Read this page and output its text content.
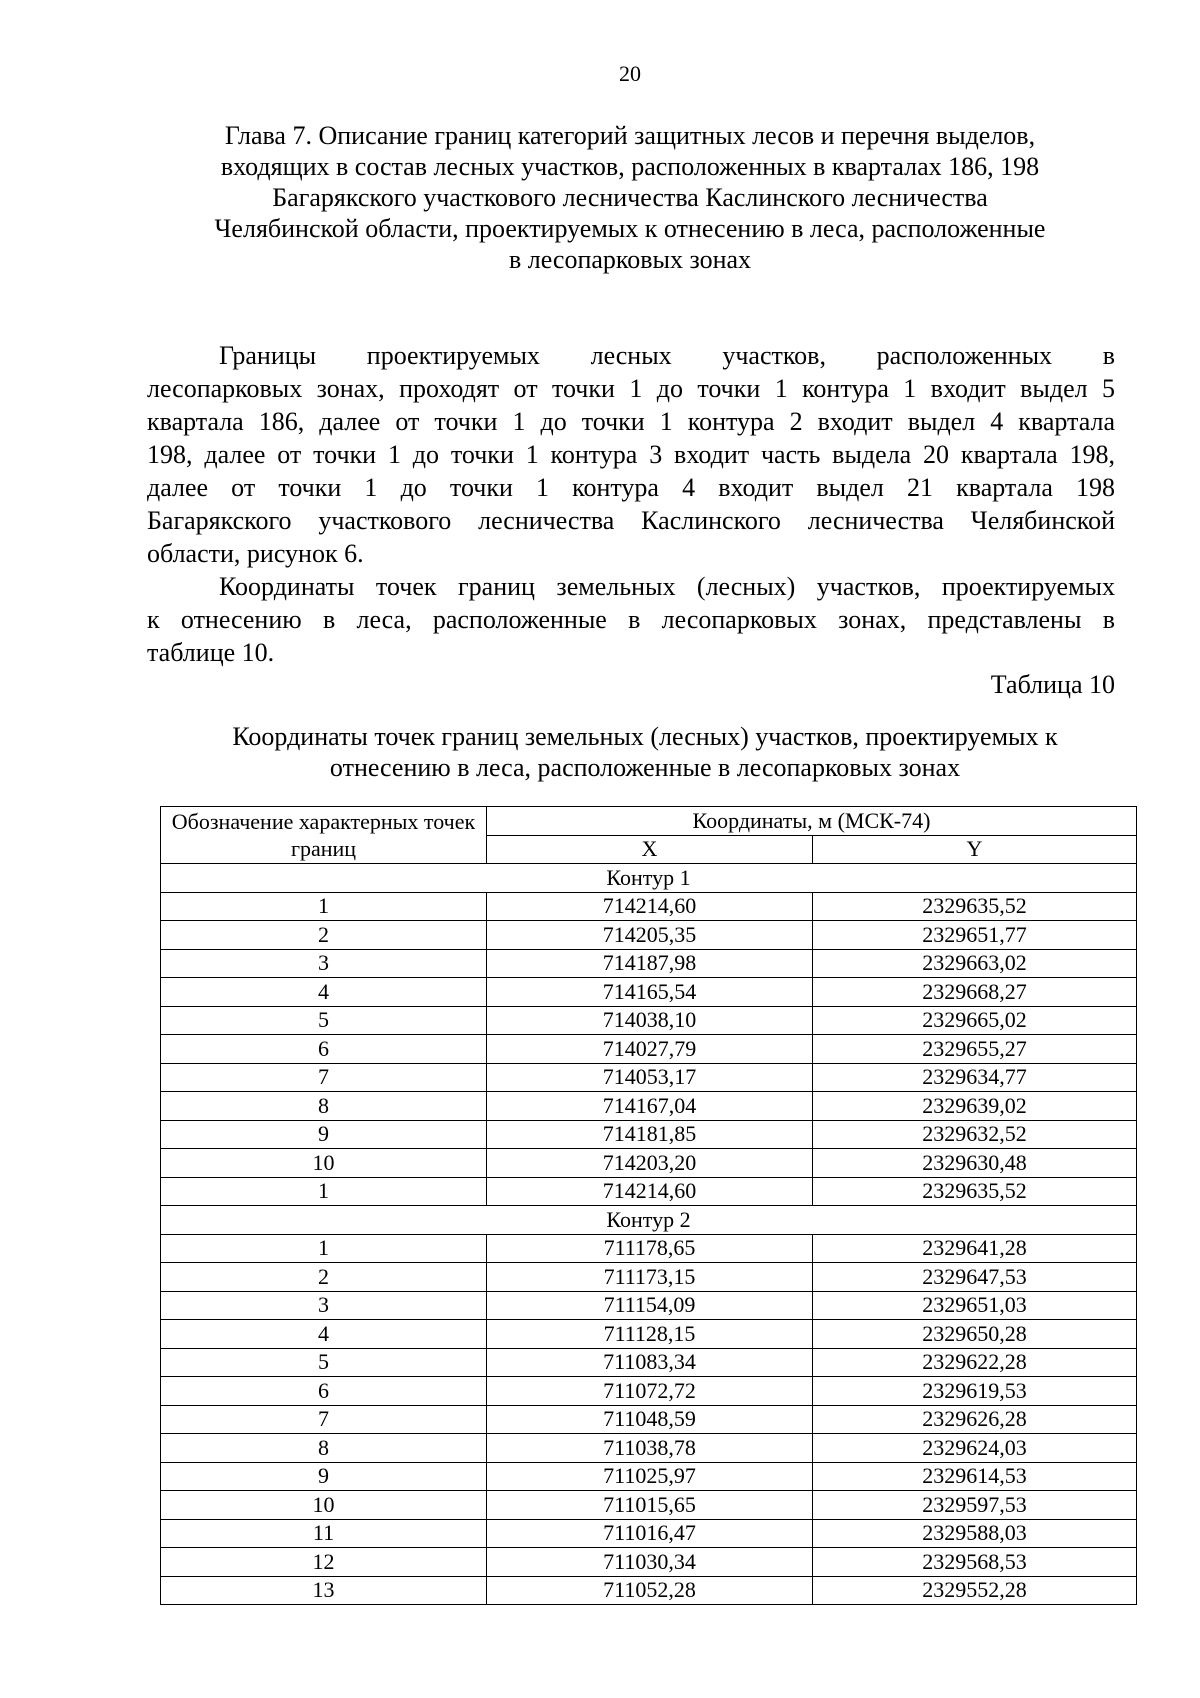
20
Глава 7. Описание границ категорий защитных лесов и перечня выделов,
входящих в состав лесных участков, расположенных в кварталах 186, 198
Багарякского участкового лесничества Каслинского лесничества
Челябинской области, проектируемых к отнесению в леса, расположенные
в лесопарковых зонах
Границы проектируемых лесных участков, расположенных в
лесопарковых зонах, проходят от точки 1 до точки 1 контура 1 входит выдел 5
квартала 186, далее от точки 1 до точки 1 контура 2 входит выдел 4 квартала
198, далее от точки 1 до точки 1 контура 3 входит часть выдела 20 квартала 198,
далее от точки 1 до точки 1 контура 4 входит выдел 21 квартала 198
Багарякского участкового лесничества Каслинского лесничества Челябинской
области, рисунок 6.
Координаты точек границ земельных (лесных) участков, проектируемых
к отнесению в леса, расположенные в лесопарковых зонах, представлены в
таблице 10.
Таблица 10
Координаты точек границ земельных (лесных) участков, проектируемых к
отнесению в леса, расположенные в лесопарковых зонах
Обозначение характерных точек границ	Координаты, м (МСК-74)	
	X	Y
Контур 1		
1	714214,60	2329635,52
2	714205,35	2329651,77
3	714187,98	2329663,02
4	714165,54	2329668,27
5	714038,10	2329665,02
6	714027,79	2329655,27
7	714053,17	2329634,77
8	714167,04	2329639,02
9	714181,85	2329632,52
10	714203,20	2329630,48
1	714214,60	2329635,52
Контур 2		
1	711178,65	2329641,28
2	711173,15	2329647,53
3	711154,09	2329651,03
4	711128,15	2329650,28
5	711083,34	2329622,28
6	711072,72	2329619,53
7	711048,59	2329626,28
8	711038,78	2329624,03
9	711025,97	2329614,53
10	711015,65	2329597,53
11	711016,47	2329588,03
12	711030,34	2329568,53
13	711052,28	2329552,28
